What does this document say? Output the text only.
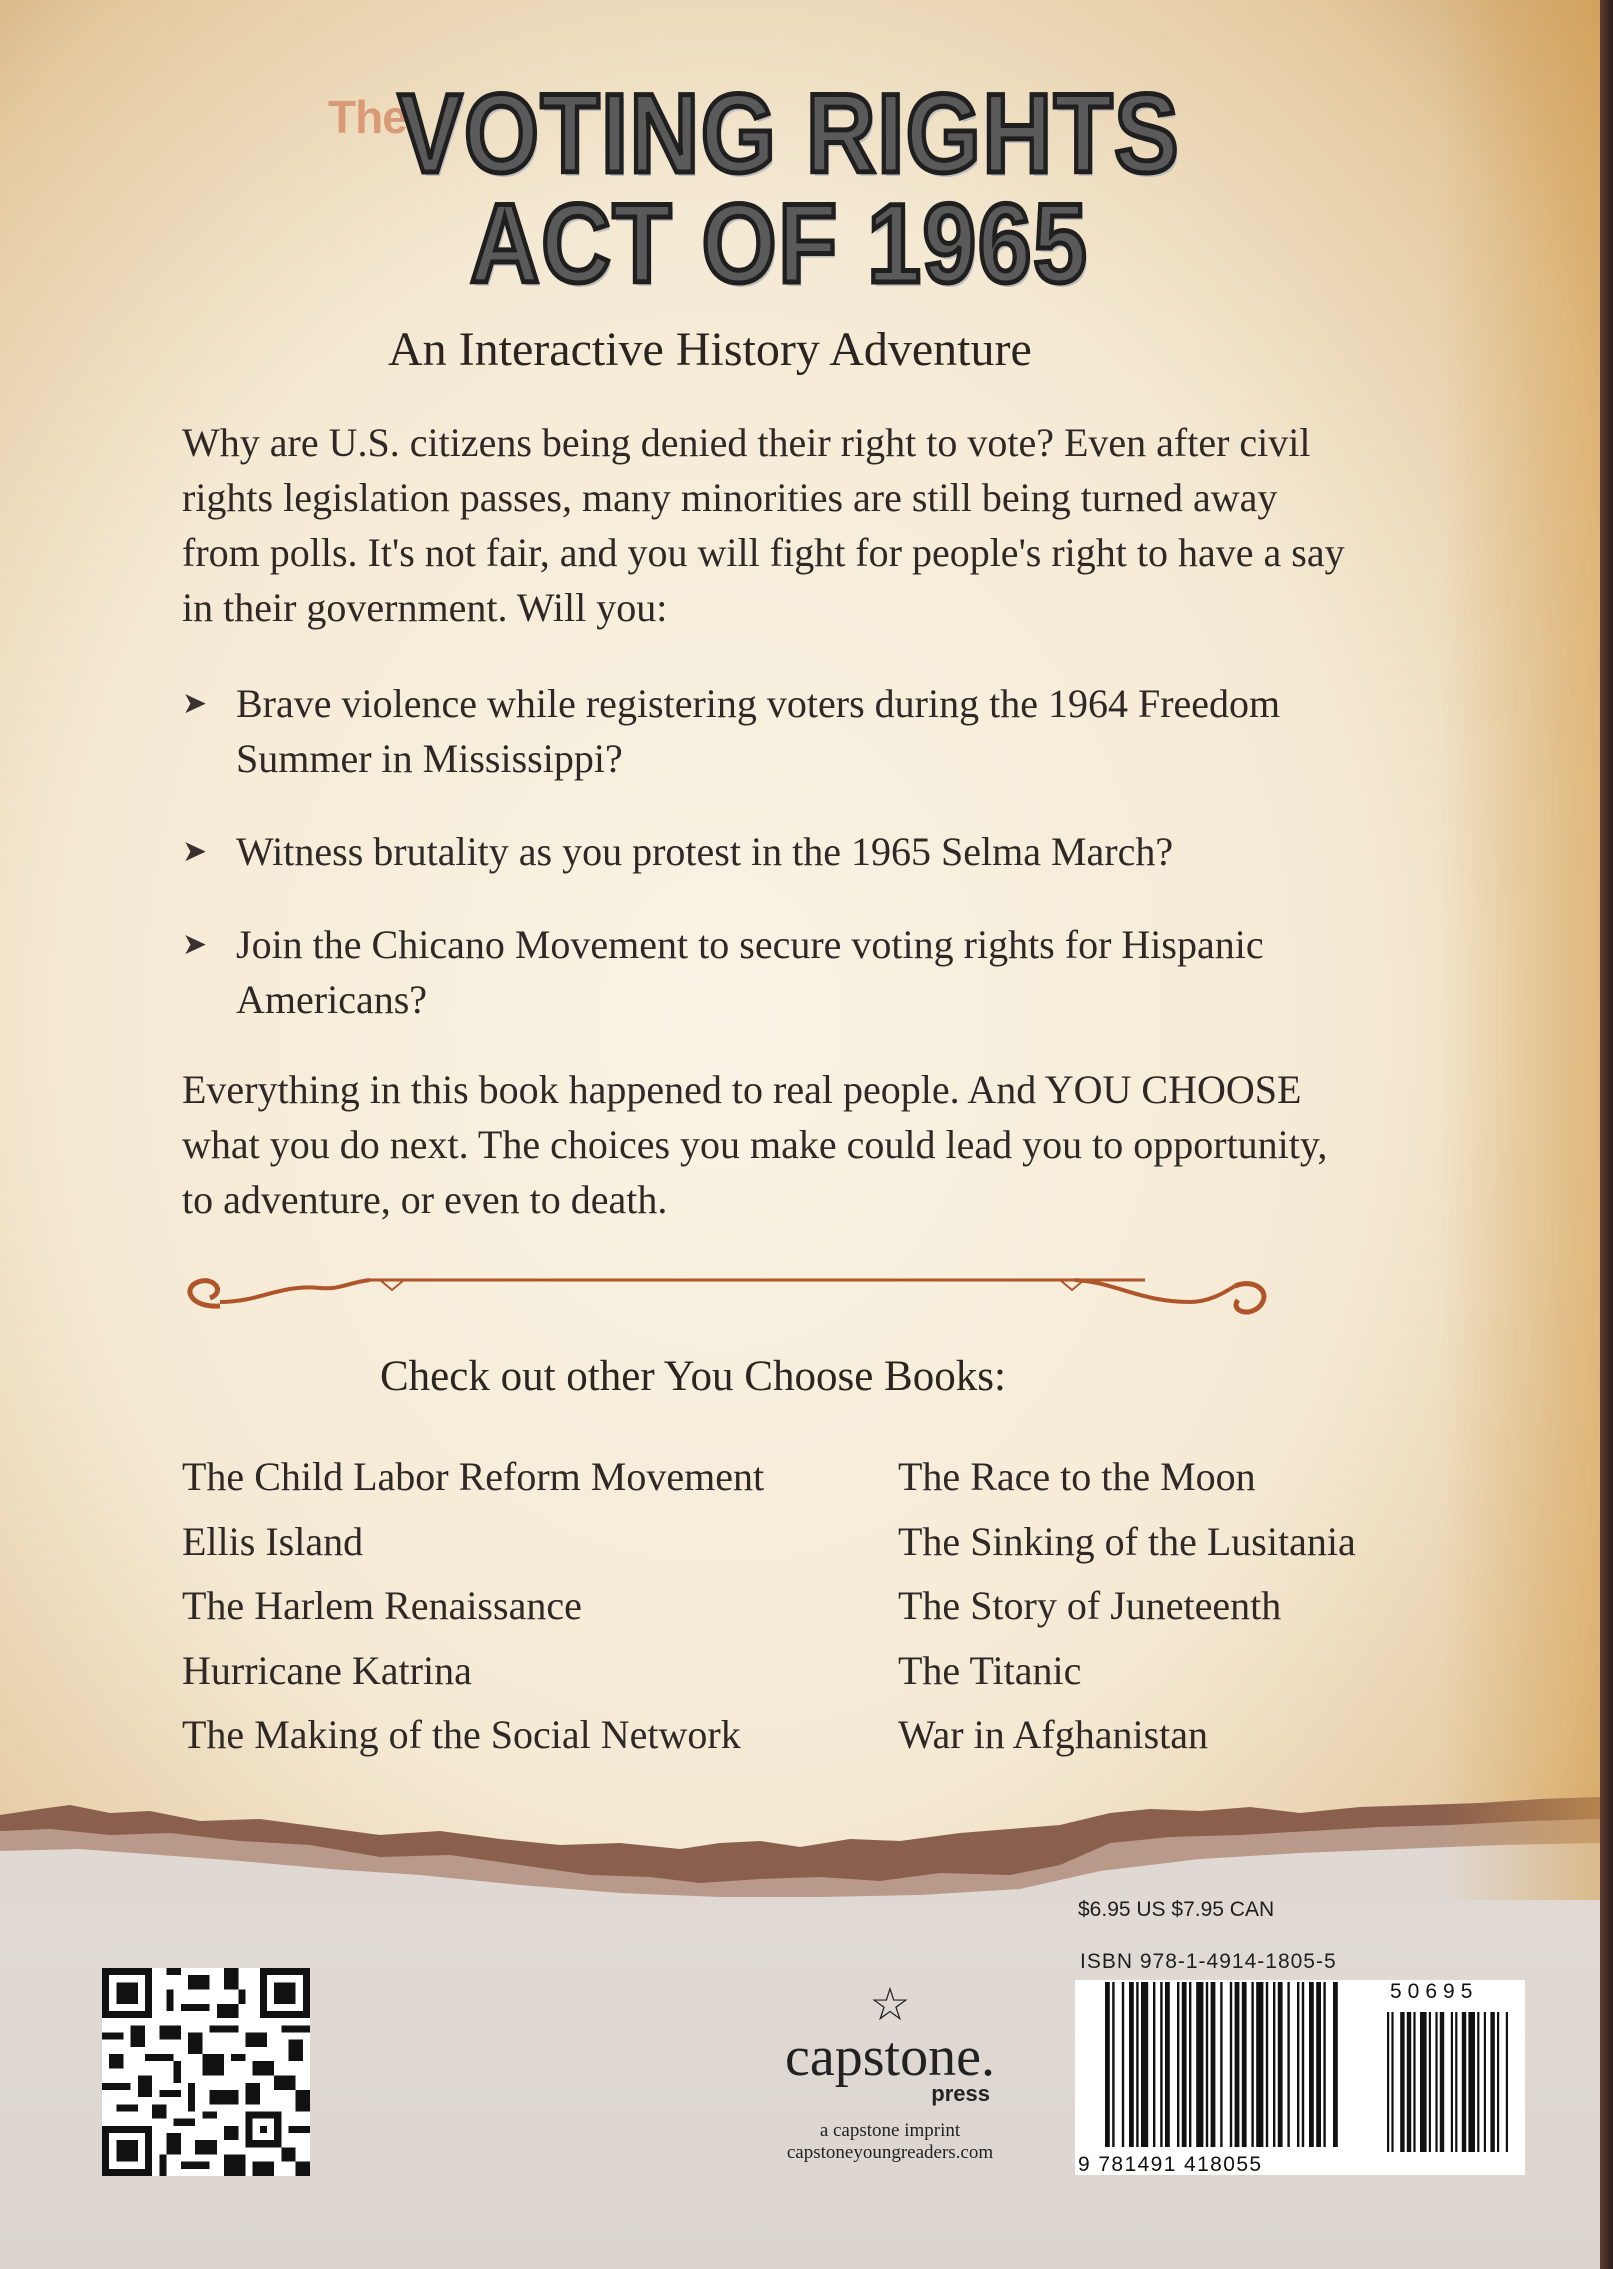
The
VOTING RIGHTS
ACT OF 1965
An Interactive History Adventure
Why are U.S. citizens being denied their right to vote? Even after civil rights legislation passes, many minorities are still being turned away from polls. It's not fair, and you will fight for people's right to have a say in their government. Will you:
➤ Brave violence while registering voters during the 1964 Freedom Summer in Mississippi?
➤ Witness brutality as you protest in the 1965 Selma March?
➤ Join the Chicano Movement to secure voting rights for Hispanic Americans?
Everything in this book happened to real people. And YOU CHOOSE what you do next. The choices you make could lead you to opportunity, to adventure, or even to death.
Check out other You Choose Books:
The Child Labor Reform Movement
Ellis Island
The Harlem Renaissance
Hurricane Katrina
The Making of the Social Network
The Race to the Moon
The Sinking of the Lusitania
The Story of Juneteenth
The Titanic
War in Afghanistan
☆
capstone.
press
a capstone imprint
capstoneyoungreaders.com
$6.95 US $7.95 CAN
ISBN 978-1-4914-1805-5
9 781491 418055
50695
